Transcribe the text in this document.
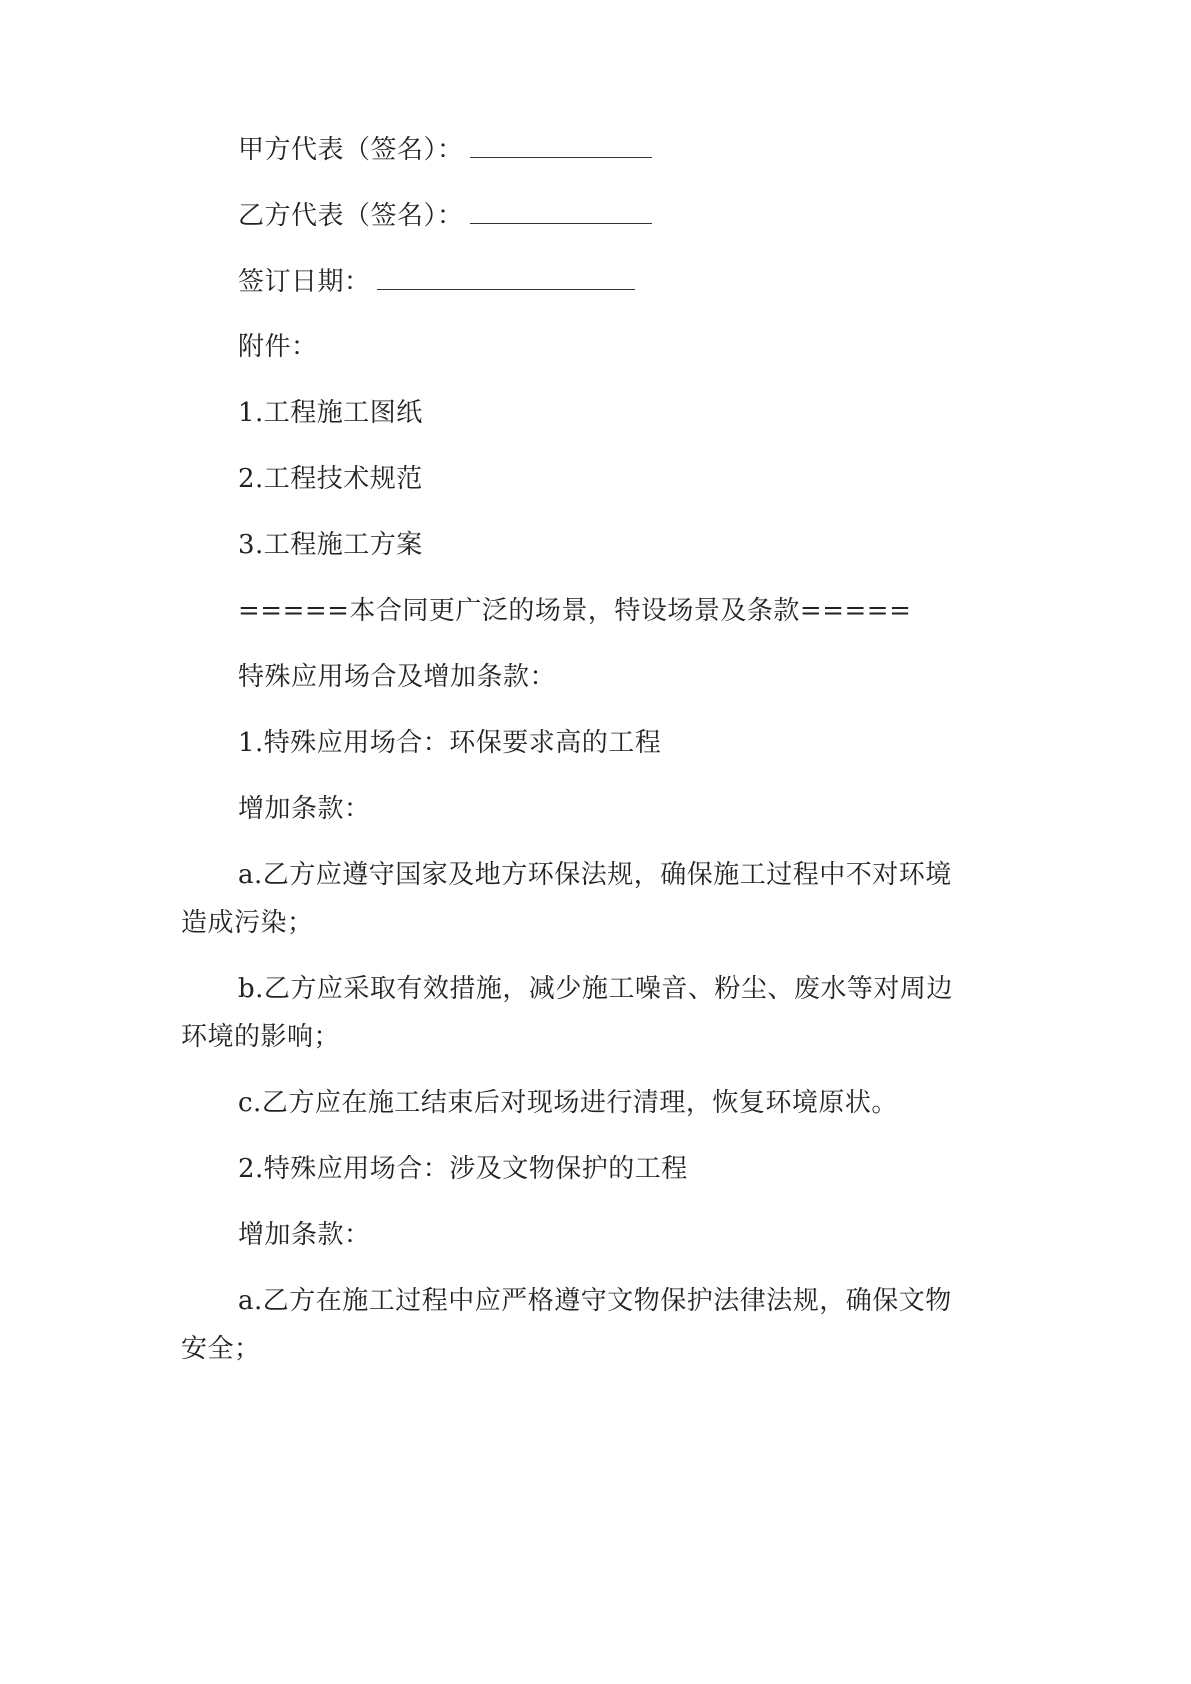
甲方代表（签名）：
乙方代表（签名）：
签订日期：
附件：
1.工程施工图纸
2.工程技术规范
3.工程施工方案
=====本合同更广泛的场景，特设场景及条款=====
特殊应用场合及增加条款：
1.特殊应用场合：环保要求高的工程
增加条款：
a.乙方应遵守国家及地方环保法规，确保施工过程中不对环境
造成污染；
b.乙方应采取有效措施，减少施工噪音、粉尘、废水等对周边
环境的影响；
c.乙方应在施工结束后对现场进行清理，恢复环境原状。
2.特殊应用场合：涉及文物保护的工程
增加条款：
a.乙方在施工过程中应严格遵守文物保护法律法规，确保文物
安全；
